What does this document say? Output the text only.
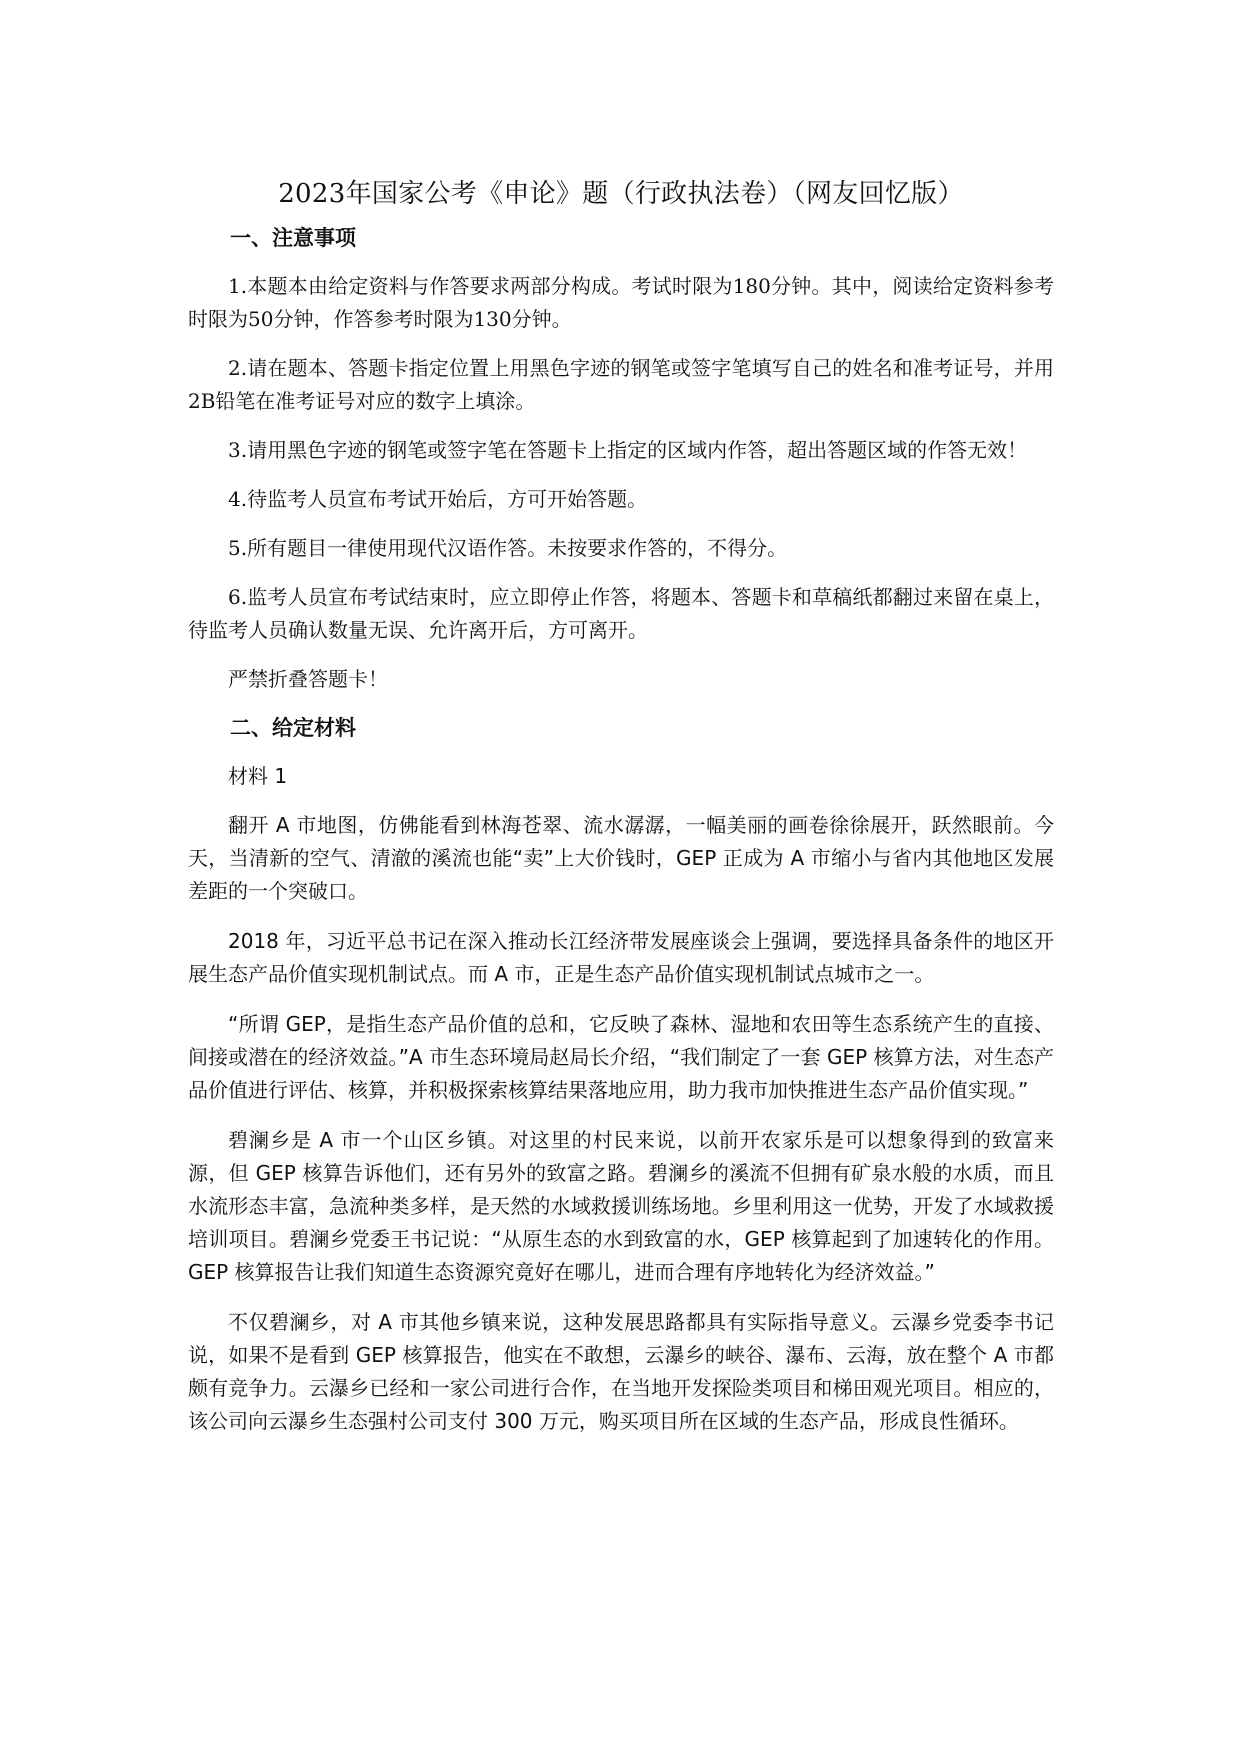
2023年国家公考《申论》题（行政执法卷）（网友回忆版）
一、注意事项

1.本题本由给定资料与作答要求两部分构成。考试时限为180分钟。其中，阅读给定资料参考时限为50分钟，作答参考时限为130分钟。

2.请在题本、答题卡指定位置上用黑色字迹的钢笔或签字笔填写自己的姓名和准考证号，并用2B铅笔在准考证号对应的数字上填涂。

3.请用黑色字迹的钢笔或签字笔在答题卡上指定的区域内作答，超出答题区域的作答无效！

4.待监考人员宣布考试开始后，方可开始答题。

5.所有题目一律使用现代汉语作答。未按要求作答的，不得分。

6.监考人员宣布考试结束时，应立即停止作答，将题本、答题卡和草稿纸都翻过来留在桌上，待监考人员确认数量无误、允许离开后，方可离开。

严禁折叠答题卡！

二、给定材料
材料 1

翻开 A 市地图，仿佛能看到林海苍翠、流水潺潺，一幅美丽的画卷徐徐展开，跃然眼前。今天，当清新的空气、清澈的溪流也能“卖”上大价钱时，GEP 正成为 A 市缩小与省内其他地区发展差距的一个突破口。

2018 年，习近平总书记在深入推动长江经济带发展座谈会上强调，要选择具备条件的地区开展生态产品价值实现机制试点。而 A 市，正是生态产品价值实现机制试点城市之一。

“所谓 GEP，是指生态产品价值的总和，它反映了森林、湿地和农田等生态系统产生的直接、间接或潜在的经济效益。”A 市生态环境局赵局长介绍，“我们制定了一套 GEP 核算方法，对生态产品价值进行评估、核算，并积极探索核算结果落地应用，助力我市加快推进生态产品价值实现。”

碧澜乡是 A 市一个山区乡镇。对这里的村民来说，以前开农家乐是可以想象得到的致富来源，但 GEP 核算告诉他们，还有另外的致富之路。碧澜乡的溪流不但拥有矿泉水般的水质，而且水流形态丰富，急流种类多样，是天然的水域救援训练场地。乡里利用这一优势，开发了水域救援培训项目。碧澜乡党委王书记说：“从原生态的水到致富的水，GEP 核算起到了加速转化的作用。GEP 核算报告让我们知道生态资源究竟好在哪儿，进而合理有序地转化为经济效益。”

不仅碧澜乡，对 A 市其他乡镇来说，这种发展思路都具有实际指导意义。云瀑乡党委李书记说，如果不是看到 GEP 核算报告，他实在不敢想，云瀑乡的峡谷、瀑布、云海，放在整个 A 市都颇有竞争力。云瀑乡已经和一家公司进行合作，在当地开发探险类项目和梯田观光项目。相应的，该公司向云瀑乡生态强村公司支付 300 万元，购买项目所在区域的生态产品，形成良性循环。
